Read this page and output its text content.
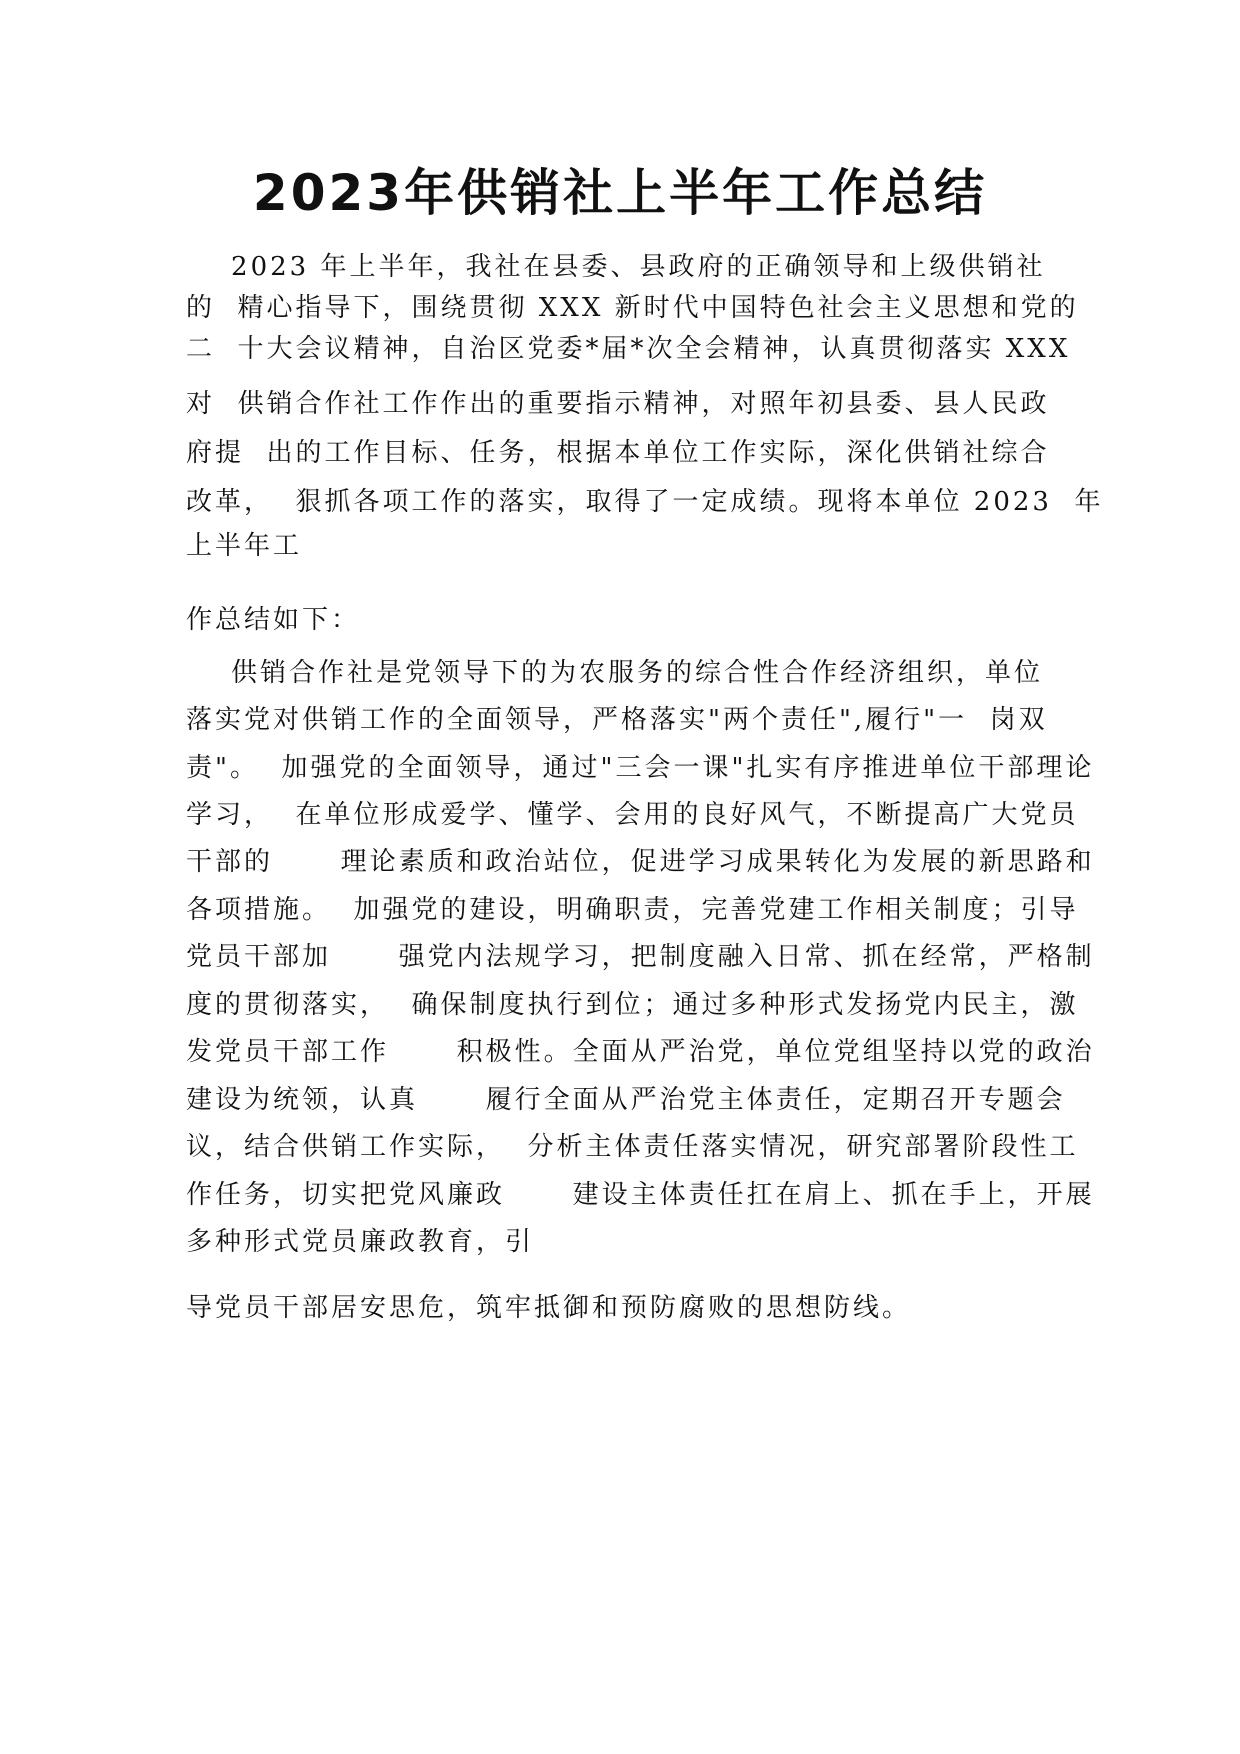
2023年供销社上半年工作总结
2023 年上半年，我社在县委、县政府的正确领导和上级供销社
的  精心指导下，围绕贯彻 XXX 新时代中国特色社会主义思想和党的
二  十大会议精神，自治区党委*届*次全会精神，认真贯彻落实 XXX
对  供销合作社工作作出的重要指示精神，对照年初县委、县人民政
府提  出的工作目标、任务，根据本单位工作实际，深化供销社综合
改革，  狠抓各项工作的落实，取得了一定成绩。现将本单位 2023  年
上半年工
作总结如下：
供销合作社是党领导下的为农服务的综合性合作经济组织，单位
落实党对供销工作的全面领导，严格落实"两个责任",履行"一  岗双
责"。  加强党的全面领导，通过"三会一课"扎实有序推进单位干部理论
学习，  在单位形成爱学、懂学、会用的良好风气，不断提高广大党员
干部的      理论素质和政治站位，促进学习成果转化为发展的新思路和
各项措施。  加强党的建设，明确职责，完善党建工作相关制度；引导
党员干部加      强党内法规学习，把制度融入日常、抓在经常，严格制
度的贯彻落实，  确保制度执行到位；通过多种形式发扬党内民主，激
发党员干部工作      积极性。全面从严治党，单位党组坚持以党的政治
建设为统领，认真      履行全面从严治党主体责任，定期召开专题会
议，结合供销工作实际，  分析主体责任落实情况，研究部署阶段性工
作任务，切实把党风廉政      建设主体责任扛在肩上、抓在手上，开展
多种形式党员廉政教育，引
导党员干部居安思危，筑牢抵御和预防腐败的思想防线。
